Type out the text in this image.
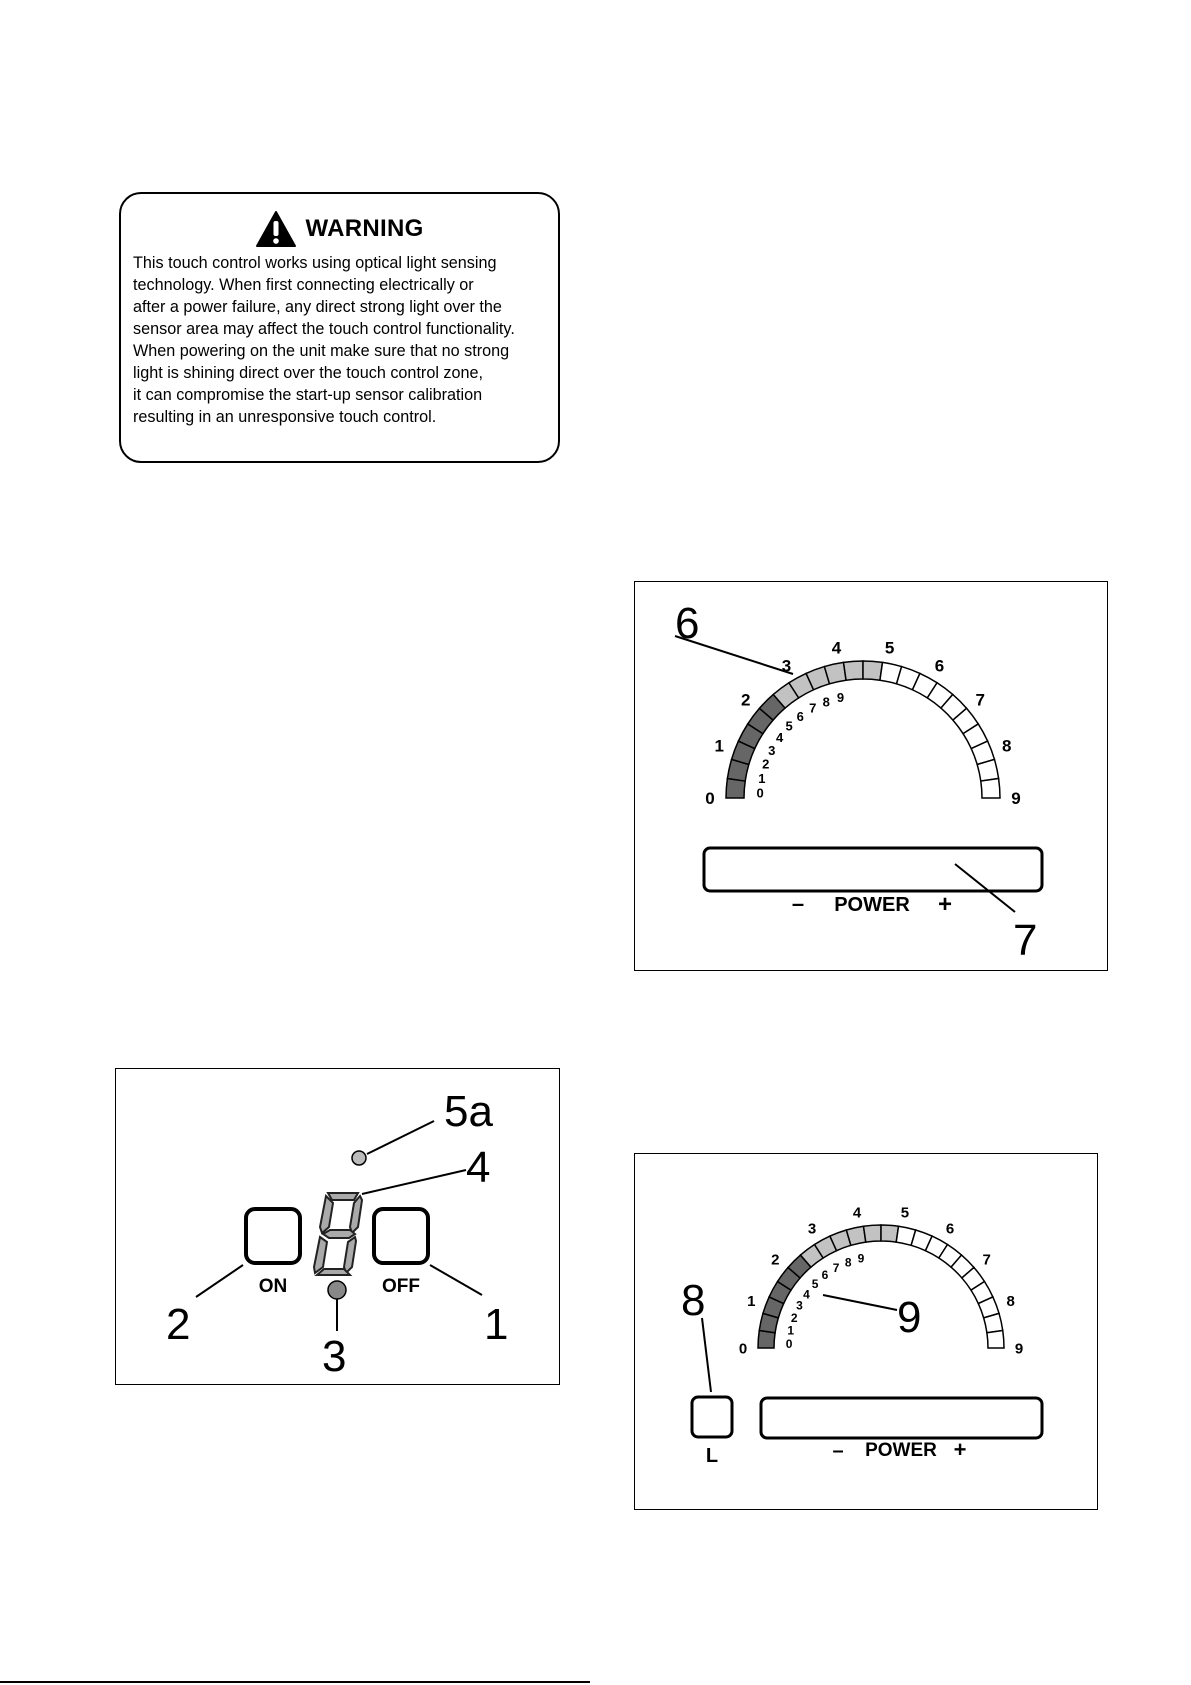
WARNING
This touch control works using optical light sensing
technology. When first connecting electrically or
after a power failure, any direct strong light over the
sensor area may affect the touch control functionality.
When powering on the unit make sure that no strong
light is shining direct over the touch control zone,
it can compromise the start-up sensor calibration
resulting in an unresponsive touch control.
ON	OFF
5a
4
2	1
3
0
1
2
3
4	5
6
7
8
9
0
1
2
3
4
5
6
7 8 9
– POWER +
6
7
0
1
2
3
4	5
6
7
8
9
0
1
2
3
4
5
6
7 8 9
L	– POWER +
8	9
